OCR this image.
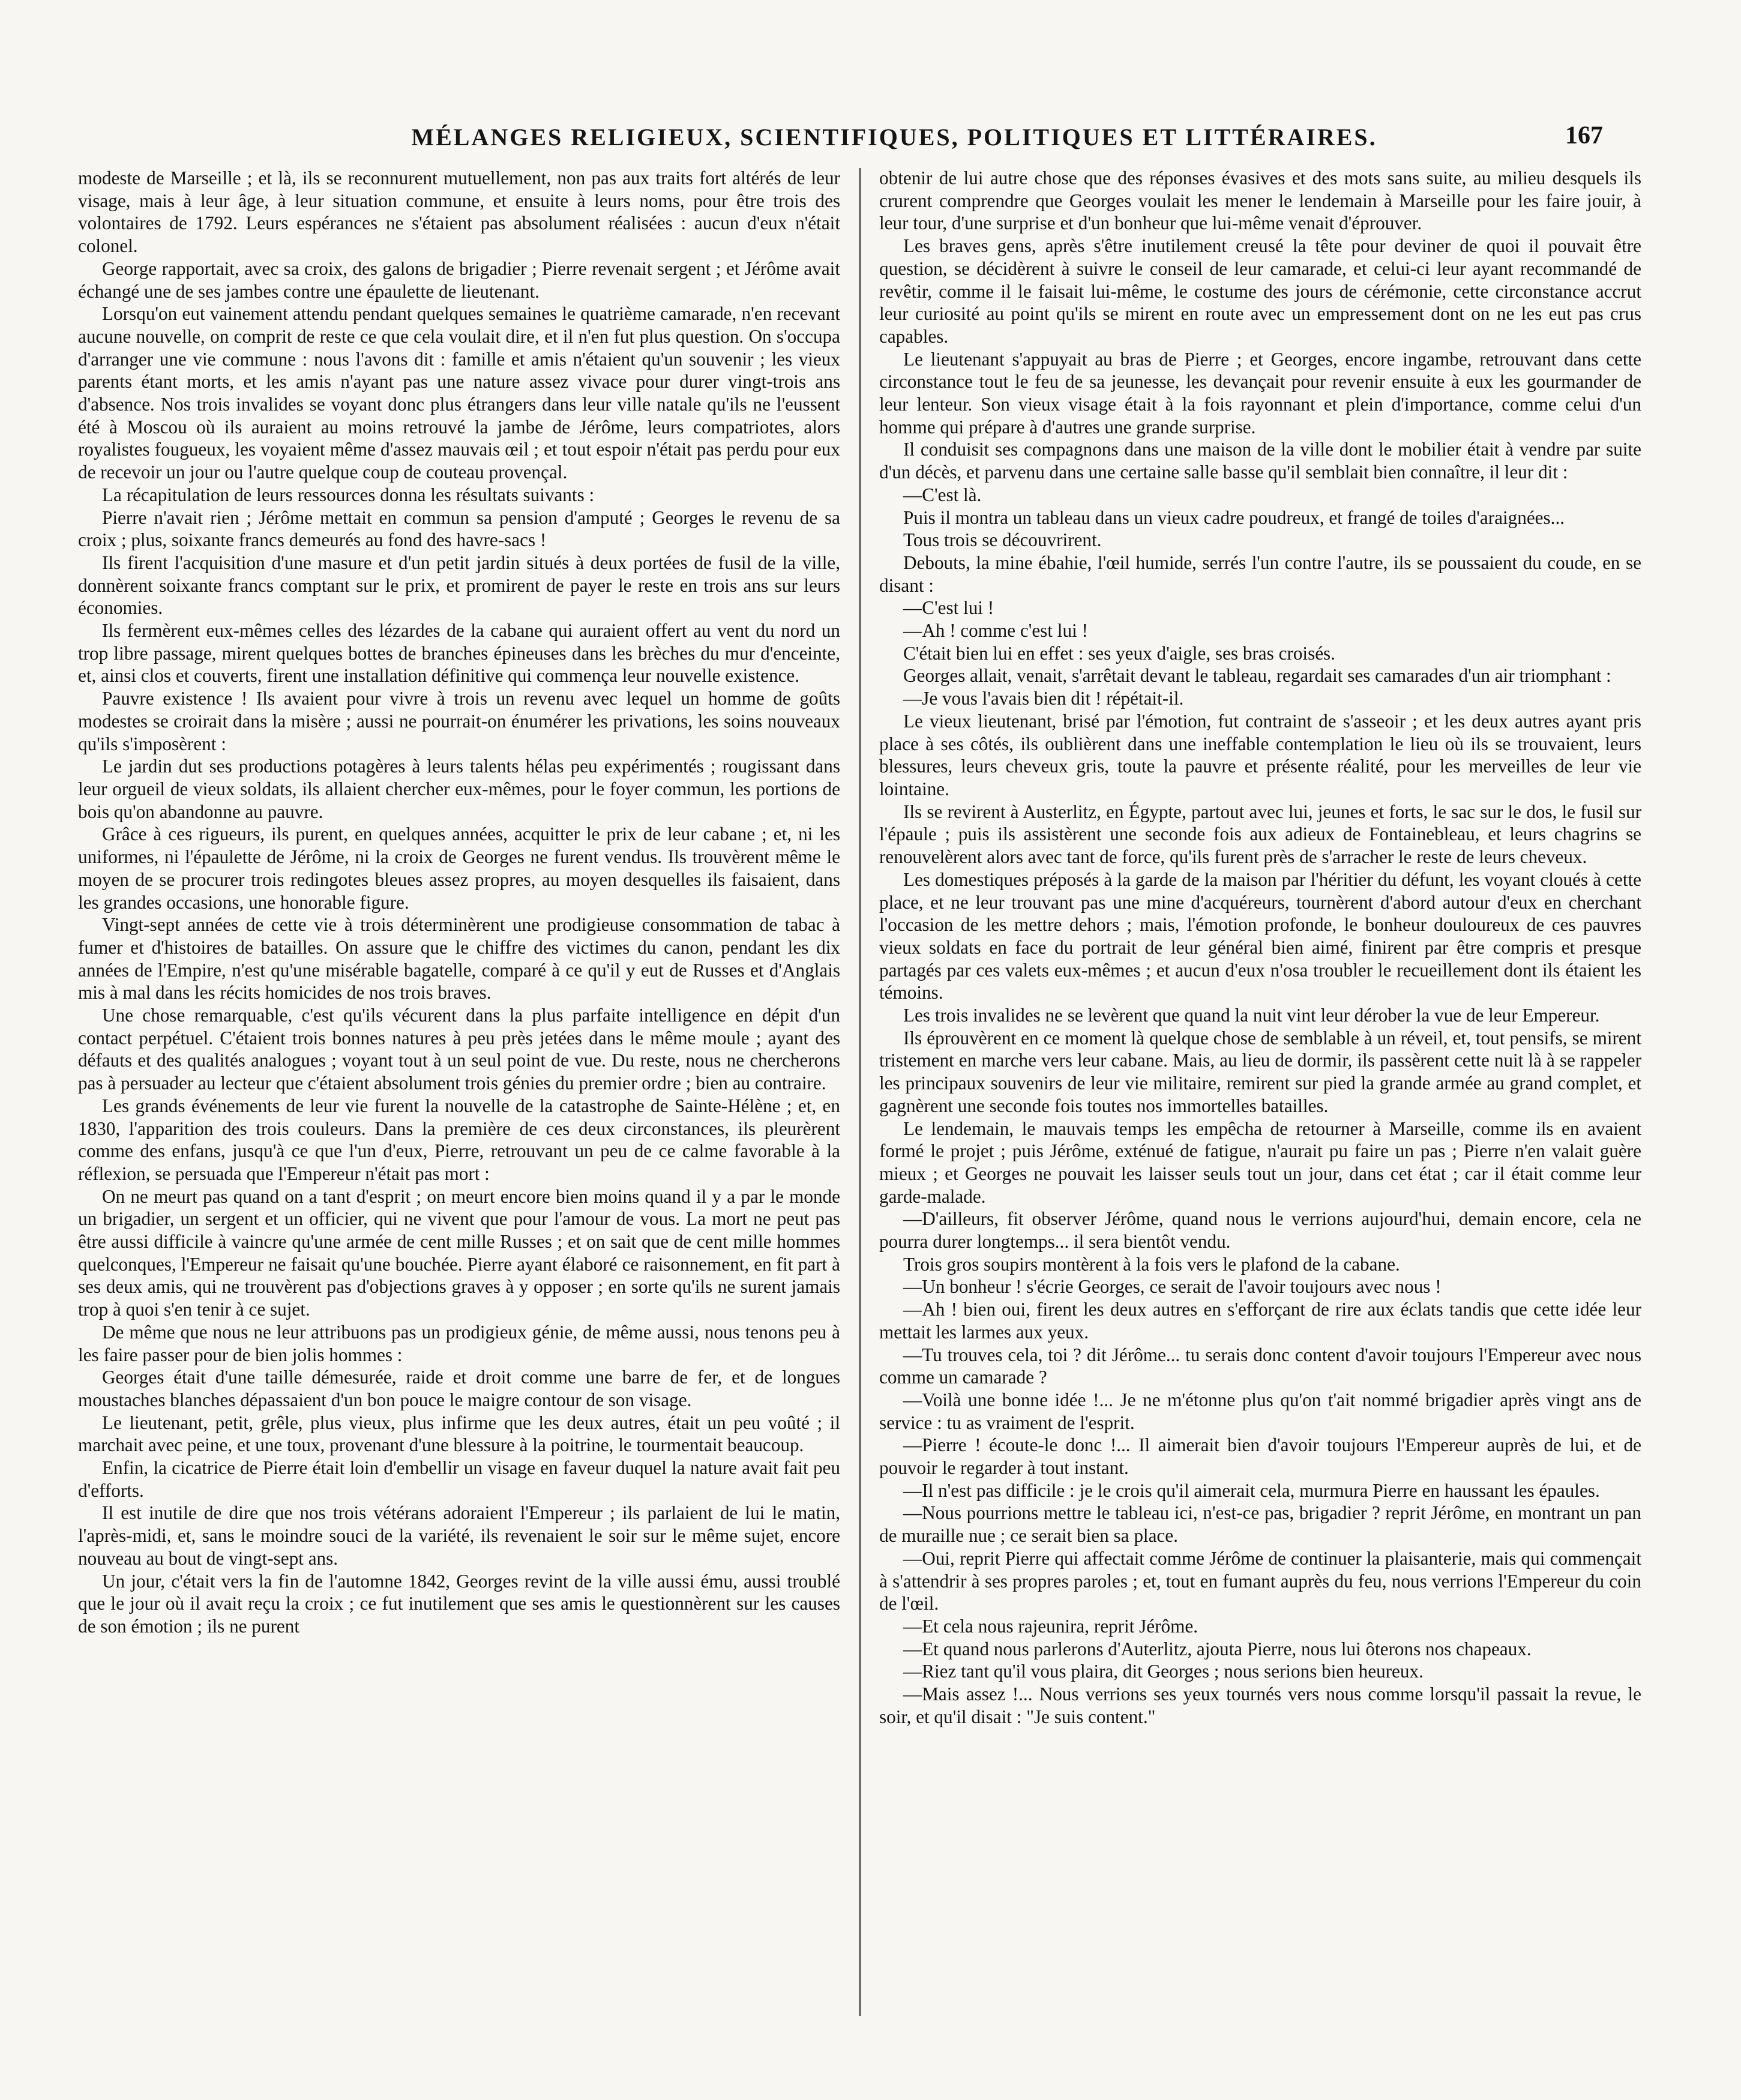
MÉLANGES RELIGIEUX, SCIENTIFIQUES, POLITIQUES ET LITTÉRAIRES.	167

modeste de Marseille ; et là, ils se reconnurent mutuellement, non pas aux traits fort altérés de leur visage, mais à leur âge, à leur situation commune, et ensuite à leurs noms, pour être trois des volontaires de 1792. Leurs espérances ne s'étaient pas absolument réalisées : aucun d'eux n'était colonel.

George rapportait, avec sa croix, des galons de brigadier ; Pierre revenait sergent ; et Jérôme avait échangé une de ses jambes contre une épaulette de lieutenant.

Lorsqu'on eut vainement attendu pendant quelques semaines le quatrième camarade, n'en recevant aucune nouvelle, on comprit de reste ce que cela voulait dire, et il n'en fut plus question. On s'occupa d'arranger une vie commune : nous l'avons dit : famille et amis n'étaient qu'un souvenir ; les vieux parents étant morts, et les amis n'ayant pas une nature assez vivace pour durer vingt-trois ans d'absence. Nos trois invalides se voyant donc plus étrangers dans leur ville natale qu'ils ne l'eussent été à Moscou où ils auraient au moins retrouvé la jambe de Jérôme, leurs compatriotes, alors royalistes fougueux, les voyaient même d'assez mauvais œil ; et tout espoir n'était pas perdu pour eux de recevoir un jour ou l'autre quelque coup de couteau provençal.

La récapitulation de leurs ressources donna les résultats suivants :

Pierre n'avait rien ; Jérôme mettait en commun sa pension d'amputé ; Georges le revenu de sa croix ; plus, soixante francs demeurés au fond des havre-sacs !

Ils firent l'acquisition d'une masure et d'un petit jardin situés à deux portées de fusil de la ville, donnèrent soixante francs comptant sur le prix, et promirent de payer le reste en trois ans sur leurs économies.

Ils fermèrent eux-mêmes celles des lézardes de la cabane qui auraient offert au vent du nord un trop libre passage, mirent quelques bottes de branches épineuses dans les brèches du mur d'enceinte, et, ainsi clos et couverts, firent une installation définitive qui commença leur nouvelle existence.

Pauvre existence ! Ils avaient pour vivre à trois un revenu avec lequel un homme de goûts modestes se croirait dans la misère ; aussi ne pourrait-on énumérer les privations, les soins nouveaux qu'ils s'imposèrent :

Le jardin dut ses productions potagères à leurs talents hélas peu expérimentés ; rougissant dans leur orgueil de vieux soldats, ils allaient chercher eux-mêmes, pour le foyer commun, les portions de bois qu'on abandonne au pauvre.

Grâce à ces rigueurs, ils purent, en quelques années, acquitter le prix de leur cabane ; et, ni les uniformes, ni l'épaulette de Jérôme, ni la croix de Georges ne furent vendus. Ils trouvèrent même le moyen de se procurer trois redingotes bleues assez propres, au moyen desquelles ils faisaient, dans les grandes occasions, une honorable figure.

Vingt-sept années de cette vie à trois déterminèrent une prodigieuse consommation de tabac à fumer et d'histoires de batailles. On assure que le chiffre des victimes du canon, pendant les dix années de l'Empire, n'est qu'une misérable bagatelle, comparé à ce qu'il y eut de Russes et d'Anglais mis à mal dans les récits homicides de nos trois braves.

Une chose remarquable, c'est qu'ils vécurent dans la plus parfaite intelligence en dépit d'un contact perpétuel. C'étaient trois bonnes natures à peu près jetées dans le même moule ; ayant des défauts et des qualités analogues ; voyant tout à un seul point de vue. Du reste, nous ne chercherons pas à persuader au lecteur que c'étaient absolument trois génies du premier ordre ; bien au contraire.

Les grands événements de leur vie furent la nouvelle de la catastrophe de Sainte-Hélène ; et, en 1830, l'apparition des trois couleurs. Dans la première de ces deux circonstances, ils pleurèrent comme des enfans, jusqu'à ce que l'un d'eux, Pierre, retrouvant un peu de ce calme favorable à la réflexion, se persuada que l'Empereur n'était pas mort :

On ne meurt pas quand on a tant d'esprit ; on meurt encore bien moins quand il y a par le monde un brigadier, un sergent et un officier, qui ne vivent que pour l'amour de vous. La mort ne peut pas être aussi difficile à vaincre qu'une armée de cent mille Russes ; et on sait que de cent mille hommes quelconques, l'Empereur ne faisait qu'une bouchée. Pierre ayant élaboré ce raisonnement, en fit part à ses deux amis, qui ne trouvèrent pas d'objections graves à y opposer ; en sorte qu'ils ne surent jamais trop à quoi s'en tenir à ce sujet.

De même que nous ne leur attribuons pas un prodigieux génie, de même aussi, nous tenons peu à les faire passer pour de bien jolis hommes :

Georges était d'une taille démesurée, raide et droit comme une barre de fer, et de longues moustaches blanches dépassaient d'un bon pouce le maigre contour de son visage.

Le lieutenant, petit, grêle, plus vieux, plus infirme que les deux autres, était un peu voûté ; il marchait avec peine, et une toux, provenant d'une blessure à la poitrine, le tourmentait beaucoup.

Enfin, la cicatrice de Pierre était loin d'embellir un visage en faveur duquel la nature avait fait peu d'efforts.

Il est inutile de dire que nos trois vétérans adoraient l'Empereur ; ils parlaient de lui le matin, l'après-midi, et, sans le moindre souci de la variété, ils revenaient le soir sur le même sujet, encore nouveau au bout de vingt-sept ans.

Un jour, c'était vers la fin de l'automne 1842, Georges revint de la ville aussi ému, aussi troublé que le jour où il avait reçu la croix ; ce fut inutilement que ses amis le questionnèrent sur les causes de son émotion ; ils ne purent

obtenir de lui autre chose que des réponses évasives et des mots sans suite, au milieu desquels ils crurent comprendre que Georges voulait les mener le lendemain à Marseille pour les faire jouir, à leur tour, d'une surprise et d'un bonheur que lui-même venait d'éprouver.

Les braves gens, après s'être inutilement creusé la tête pour deviner de quoi il pouvait être question, se décidèrent à suivre le conseil de leur camarade, et celui-ci leur ayant recommandé de revêtir, comme il le faisait lui-même, le costume des jours de cérémonie, cette circonstance accrut leur curiosité au point qu'ils se mirent en route avec un empressement dont on ne les eut pas crus capables.

Le lieutenant s'appuyait au bras de Pierre ; et Georges, encore ingambe, retrouvant dans cette circonstance tout le feu de sa jeunesse, les devançait pour revenir ensuite à eux les gourmander de leur lenteur. Son vieux visage était à la fois rayonnant et plein d'importance, comme celui d'un homme qui prépare à d'autres une grande surprise.

Il conduisit ses compagnons dans une maison de la ville dont le mobilier était à vendre par suite d'un décès, et parvenu dans une certaine salle basse qu'il semblait bien connaître, il leur dit :

—C'est là.

Puis il montra un tableau dans un vieux cadre poudreux, et frangé de toiles d'araignées...

Tous trois se découvrirent.

Debouts, la mine ébahie, l'œil humide, serrés l'un contre l'autre, ils se poussaient du coude, en se disant :

—C'est lui !

—Ah ! comme c'est lui !

C'était bien lui en effet : ses yeux d'aigle, ses bras croisés.

Georges allait, venait, s'arrêtait devant le tableau, regardait ses camarades d'un air triomphant :

—Je vous l'avais bien dit ! répétait-il.

Le vieux lieutenant, brisé par l'émotion, fut contraint de s'asseoir ; et les deux autres ayant pris place à ses côtés, ils oublièrent dans une ineffable contemplation le lieu où ils se trouvaient, leurs blessures, leurs cheveux gris, toute la pauvre et présente réalité, pour les merveilles de leur vie lointaine.

Ils se revirent à Austerlitz, en Égypte, partout avec lui, jeunes et forts, le sac sur le dos, le fusil sur l'épaule ; puis ils assistèrent une seconde fois aux adieux de Fontainebleau, et leurs chagrins se renouvelèrent alors avec tant de force, qu'ils furent près de s'arracher le reste de leurs cheveux.

Les domestiques préposés à la garde de la maison par l'héritier du défunt, les voyant cloués à cette place, et ne leur trouvant pas une mine d'acquéreurs, tournèrent d'abord autour d'eux en cherchant l'occasion de les mettre dehors ; mais, l'émotion profonde, le bonheur douloureux de ces pauvres vieux soldats en face du portrait de leur général bien aimé, finirent par être compris et presque partagés par ces valets eux-mêmes ; et aucun d'eux n'osa troubler le recueillement dont ils étaient les témoins.

Les trois invalides ne se levèrent que quand la nuit vint leur dérober la vue de leur Empereur.

Ils éprouvèrent en ce moment là quelque chose de semblable à un réveil, et, tout pensifs, se mirent tristement en marche vers leur cabane. Mais, au lieu de dormir, ils passèrent cette nuit là à se rappeler les principaux souvenirs de leur vie militaire, remirent sur pied la grande armée au grand complet, et gagnèrent une seconde fois toutes nos immortelles batailles.

Le lendemain, le mauvais temps les empêcha de retourner à Marseille, comme ils en avaient formé le projet ; puis Jérôme, exténué de fatigue, n'aurait pu faire un pas ; Pierre n'en valait guère mieux ; et Georges ne pouvait les laisser seuls tout un jour, dans cet état ; car il était comme leur garde-malade.

—D'ailleurs, fit observer Jérôme, quand nous le verrions aujourd'hui, demain encore, cela ne pourra durer longtemps... il sera bientôt vendu.

Trois gros soupirs montèrent à la fois vers le plafond de la cabane.

—Un bonheur ! s'écrie Georges, ce serait de l'avoir toujours avec nous !

—Ah ! bien oui, firent les deux autres en s'efforçant de rire aux éclats tandis que cette idée leur mettait les larmes aux yeux.

—Tu trouves cela, toi ? dit Jérôme... tu serais donc content d'avoir toujours l'Empereur avec nous comme un camarade ?

—Voilà une bonne idée !... Je ne m'étonne plus qu'on t'ait nommé brigadier après vingt ans de service : tu as vraiment de l'esprit.

—Pierre ! écoute-le donc !... Il aimerait bien d'avoir toujours l'Empereur auprès de lui, et de pouvoir le regarder à tout instant.

—Il n'est pas difficile : je le crois qu'il aimerait cela, murmura Pierre en haussant les épaules.

—Nous pourrions mettre le tableau ici, n'est-ce pas, brigadier ? reprit Jérôme, en montrant un pan de muraille nue ; ce serait bien sa place.

—Oui, reprit Pierre qui affectait comme Jérôme de continuer la plaisanterie, mais qui commençait à s'attendrir à ses propres paroles ; et, tout en fumant auprès du feu, nous verrions l'Empereur du coin de l'œil.

—Et cela nous rajeunira, reprit Jérôme.

—Et quand nous parlerons d'Auterlitz, ajouta Pierre, nous lui ôterons nos chapeaux.

—Riez tant qu'il vous plaira, dit Georges ; nous serions bien heureux.

—Mais assez !... Nous verrions ses yeux tournés vers nous comme lorsqu'il passait la revue, le soir, et qu'il disait : "Je suis content."
